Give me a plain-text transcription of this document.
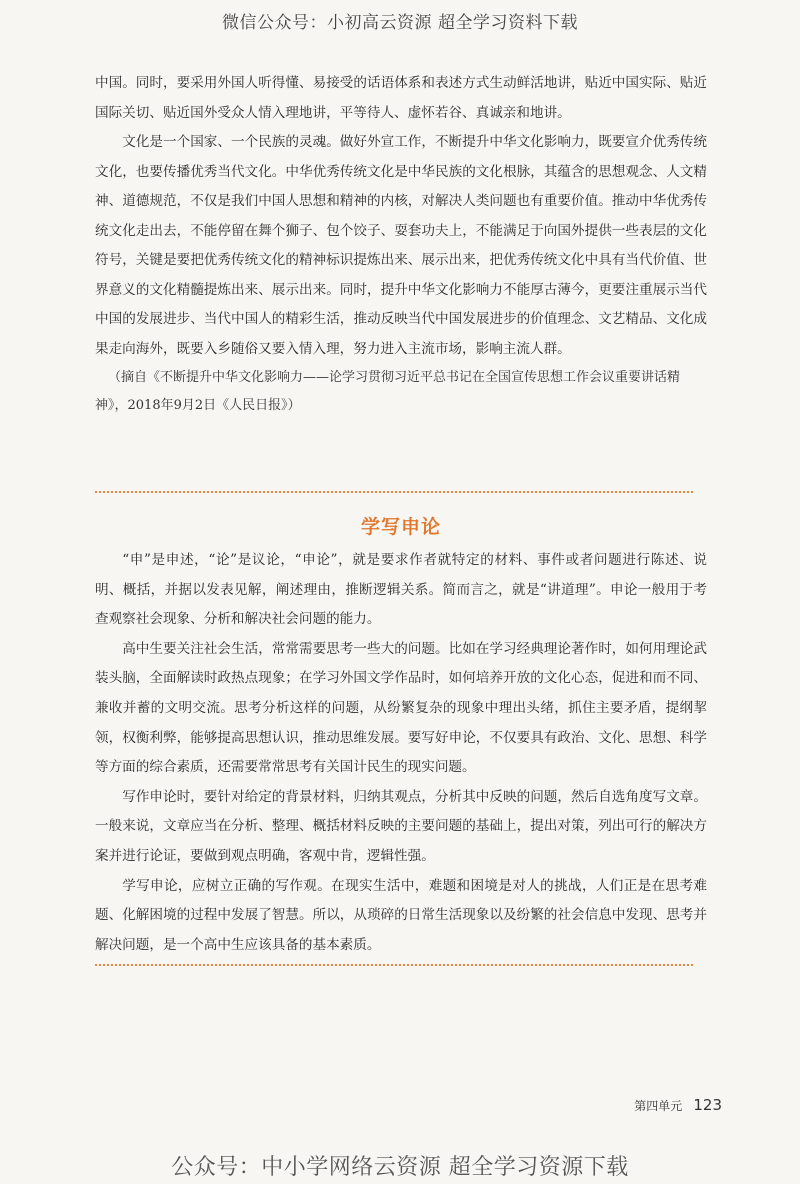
微信公众号：小初高云资源 超全学习资料下载

中国。同时，要采用外国人听得懂、易接受的话语体系和表述方式生动鲜活地讲，贴近中国实际、贴近国际关切、贴近国外受众人情入理地讲，平等待人、虚怀若谷、真诚亲和地讲。

文化是一个国家、一个民族的灵魂。做好外宣工作，不断提升中华文化影响力，既要宣介优秀传统文化，也要传播优秀当代文化。中华优秀传统文化是中华民族的文化根脉，其蕴含的思想观念、人文精神、道德规范，不仅是我们中国人思想和精神的内核，对解决人类问题也有重要价值。推动中华优秀传统文化走出去，不能停留在舞个狮子、包个饺子、耍套功夫上，不能满足于向国外提供一些表层的文化符号，关键是要把优秀传统文化的精神标识提炼出来、展示出来，把优秀传统文化中具有当代价值、世界意义的文化精髓提炼出来、展示出来。同时，提升中华文化影响力不能厚古薄今，更要注重展示当代中国的发展进步、当代中国人的精彩生活，推动反映当代中国发展进步的价值理念、文艺精品、文化成果走向海外，既要入乡随俗又要入情入理，努力进入主流市场，影响主流人群。

（摘自《不断提升中华文化影响力——论学习贯彻习近平总书记在全国宣传思想工作会议重要讲话精神》，2018年9月2日《人民日报》）

学写申论

“申”是申述，“论”是议论，“申论”，就是要求作者就特定的材料、事件或者问题进行陈述、说明、概括，并据以发表见解，阐述理由，推断逻辑关系。简而言之，就是“讲道理”。申论一般用于考查观察社会现象、分析和解决社会问题的能力。

高中生要关注社会生活，常常需要思考一些大的问题。比如在学习经典理论著作时，如何用理论武装头脑，全面解读时政热点现象；在学习外国文学作品时，如何培养开放的文化心态，促进和而不同、兼收并蓄的文明交流。思考分析这样的问题，从纷繁复杂的现象中理出头绪，抓住主要矛盾，提纲挈领，权衡利弊，能够提高思想认识，推动思维发展。要写好申论，不仅要具有政治、文化、思想、科学等方面的综合素质，还需要常常思考有关国计民生的现实问题。

写作申论时，要针对给定的背景材料，归纳其观点，分析其中反映的问题，然后自选角度写文章。一般来说，文章应当在分析、整理、概括材料反映的主要问题的基础上，提出对策，列出可行的解决方案并进行论证，要做到观点明确，客观中肯，逻辑性强。

学写申论，应树立正确的写作观。在现实生活中，难题和困境是对人的挑战，人们正是在思考难题、化解困境的过程中发展了智慧。所以，从琐碎的日常生活现象以及纷繁的社会信息中发现、思考并解决问题，是一个高中生应该具备的基本素质。

第四单元 123
公众号：中小学网络云资源 超全学习资源下载
